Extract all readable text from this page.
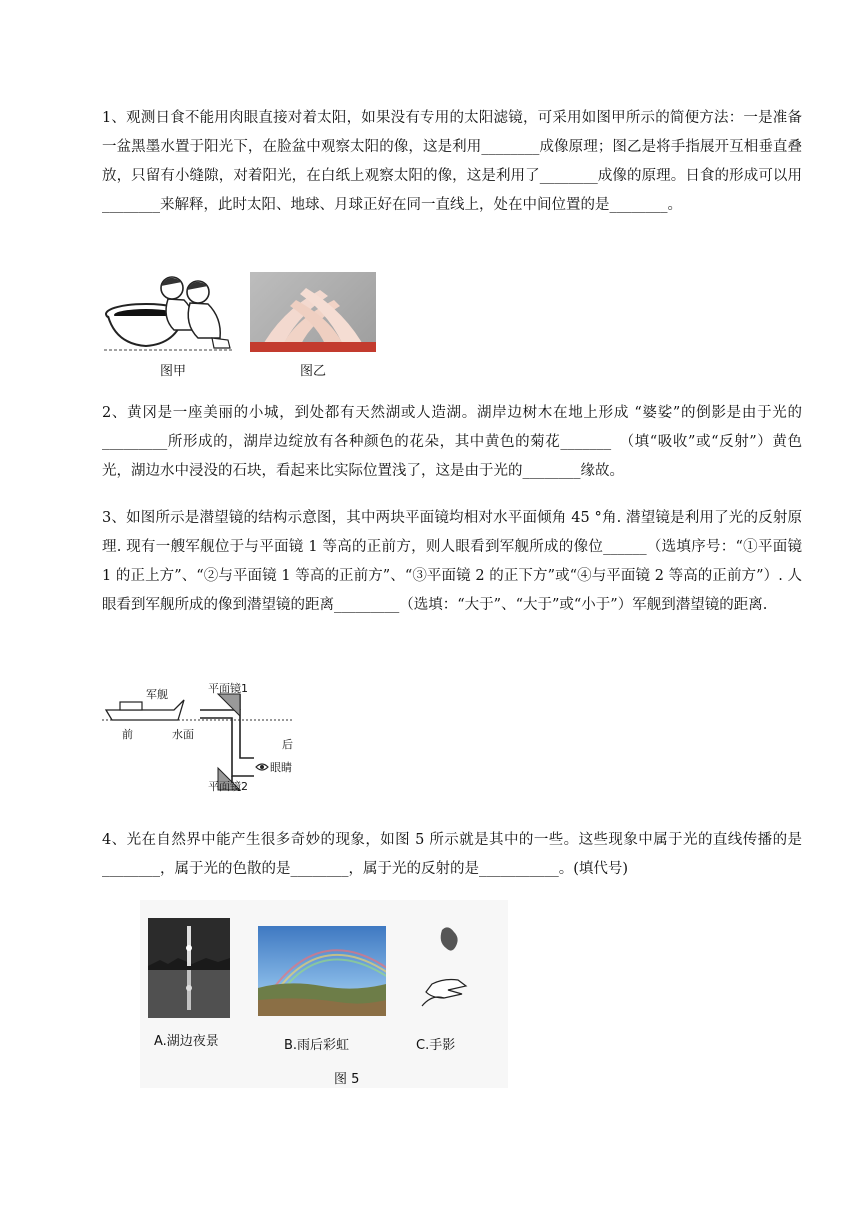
1、观测日食不能用肉眼直接对着太阳，如果没有专用的太阳滤镜，可采用如图甲所示的简便方法：一是准备一盆黑墨水置于阳光下，在脸盆中观察太阳的像，这是利用________成像原理；图乙是将手指展开互相垂直叠放，只留有小缝隙，对着阳光，在白纸上观察太阳的像，这是利用了________成像的原理。日食的形成可以用________来解释，此时太阳、地球、月球正好在同一直线上，处在中间位置的是________。
图甲	图乙
2、黄冈是一座美丽的小城，到处都有天然湖或人造湖。湖岸边树木在地上形成 “婆娑”的倒影是由于光的_________所形成的，湖岸边绽放有各种颜色的花朵，其中黄色的菊花_______　（填“吸收”或“反射”）黄色光，湖边水中浸没的石块，看起来比实际位置浅了，这是由于光的________缘故。
3、如图所示是潜望镜的结构示意图，其中两块平面镜均相对水平面倾角 45 °角. 潜望镜是利用了光的反射原理. 现有一艘军舰位于与平面镜 1 等高的正前方，则人眼看到军舰所成的像位______（选填序号：“①平面镜 1 的正上方”、“②与平面镜 1 等高的正前方”、“③平面镜 2 的正下方”或“④与平面镜 2 等高的正前方”）. 人眼看到军舰所成的像到潜望镜的距离_________（选填：“大于”、“大于”或“小于”）军舰到潜望镜的距离.
军舰	平面镜1
前	水面
后
眼睛
平面镜2
4、光在自然界中能产生很多奇妙的现象，如图 5 所示就是其中的一些。这些现象中属于光的直线传播的是________，属于光的色散的是________，属于光的反射的是___________。(填代号)
A.湖边夜景	B.雨后彩虹	C.手影
图 5
